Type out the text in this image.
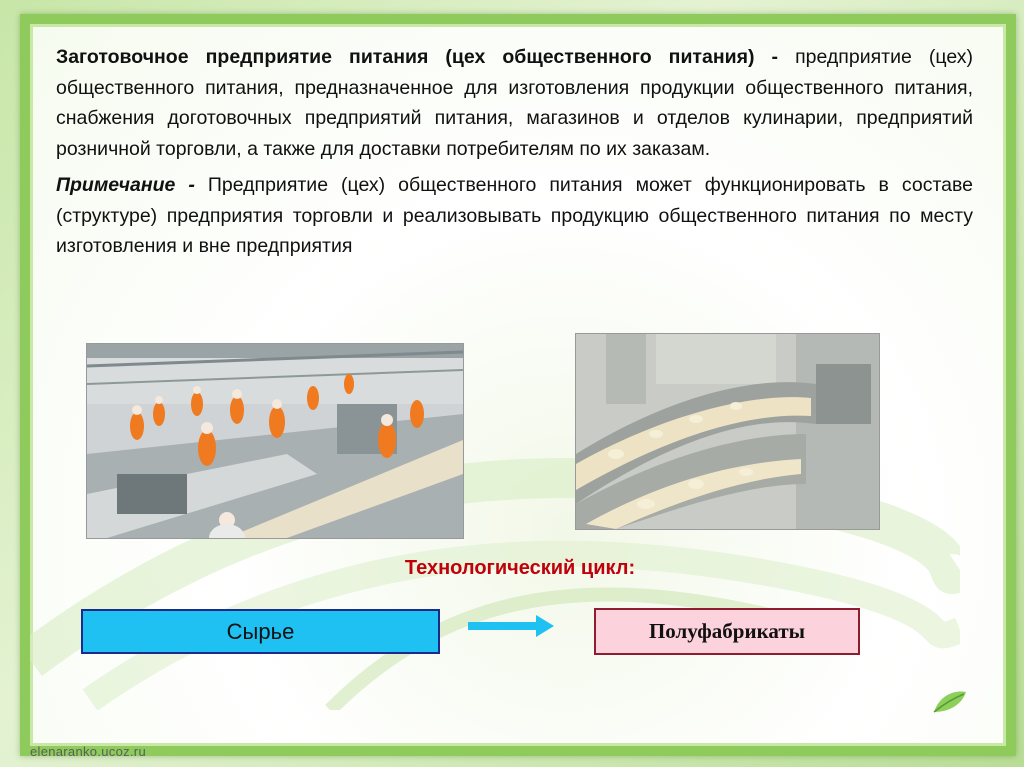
Заготовочное предприятие питания (цех общественного питания) - предприятие (цех) общественного питания, предназначенное для изготовления продукции общественного питания, снабжения доготовочных предприятий питания, магазинов и отделов кулинарии, предприятий розничной торговли, а также для доставки потребителям по их заказам.

Примечание - Предприятие (цех) общественного питания может функционировать в составе (структуре) предприятия торговли и реализовывать продукцию общественного питания по месту изготовления и вне предприятия

Технологический цикл:
Сырье	Полуфабрикаты
elenaranko.ucoz.ru
